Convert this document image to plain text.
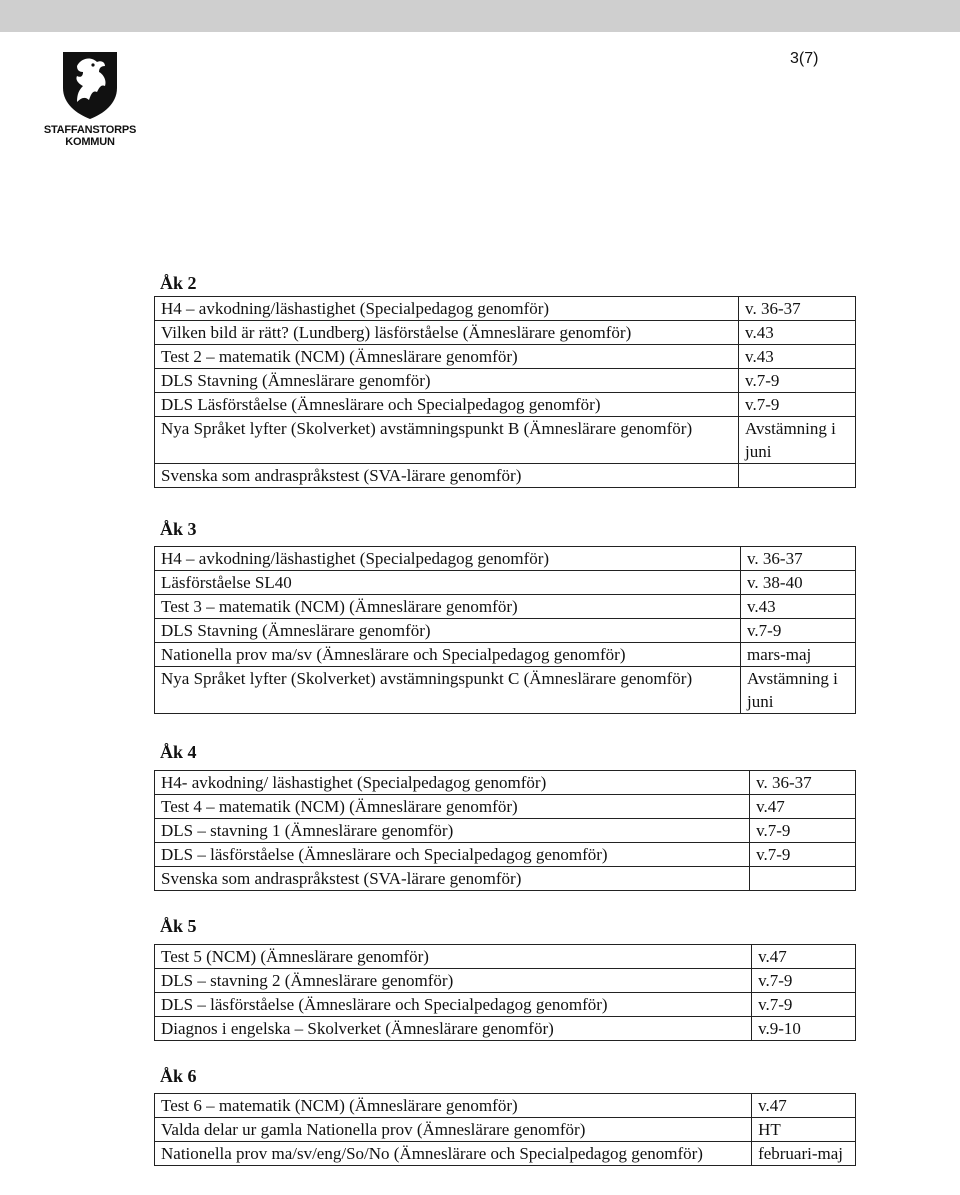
3(7)
STAFFANSTORPS
KOMMUN
Åk 2
H4 – avkodning/läshastighet (Specialpedagog genomför)	v. 36-37
Vilken bild är rätt? (Lundberg) läsförståelse (Ämneslärare genomför)	v.43
Test 2 – matematik (NCM) (Ämneslärare genomför)	v.43
DLS Stavning (Ämneslärare genomför)	v.7-9
DLS Läsförståelse (Ämneslärare och Specialpedagog genomför)	v.7-9
Nya Språket lyfter (Skolverket) avstämningspunkt B (Ämneslärare genomför)	Avstämning i juni
Svenska som andraspråkstest (SVA-lärare genomför)	
Åk 3
H4 – avkodning/läshastighet (Specialpedagog genomför)	v. 36-37
Läsförståelse SL40	v. 38-40
Test 3 – matematik (NCM) (Ämneslärare genomför)	v.43
DLS Stavning (Ämneslärare genomför)	v.7-9
Nationella prov ma/sv (Ämneslärare och Specialpedagog genomför)	mars-maj
Nya Språket lyfter (Skolverket) avstämningspunkt C (Ämneslärare genomför)	Avstämning i juni
Åk 4
H4- avkodning/ läshastighet (Specialpedagog genomför)	v. 36-37
Test 4 – matematik (NCM) (Ämneslärare genomför)	v.47
DLS – stavning 1 (Ämneslärare genomför)	v.7-9
DLS – läsförståelse (Ämneslärare och Specialpedagog genomför)	v.7-9
Svenska som andraspråkstest (SVA-lärare genomför)	
Åk 5
Test 5 (NCM) (Ämneslärare genomför)	v.47
DLS – stavning 2 (Ämneslärare genomför)	v.7-9
DLS – läsförståelse (Ämneslärare och Specialpedagog genomför)	v.7-9
Diagnos i engelska – Skolverket (Ämneslärare genomför)	v.9-10
Åk 6
Test 6 – matematik (NCM) (Ämneslärare genomför)	v.47
Valda delar ur gamla Nationella prov (Ämneslärare genomför)	HT
Nationella prov ma/sv/eng/So/No (Ämneslärare och Specialpedagog genomför)	februari-maj
